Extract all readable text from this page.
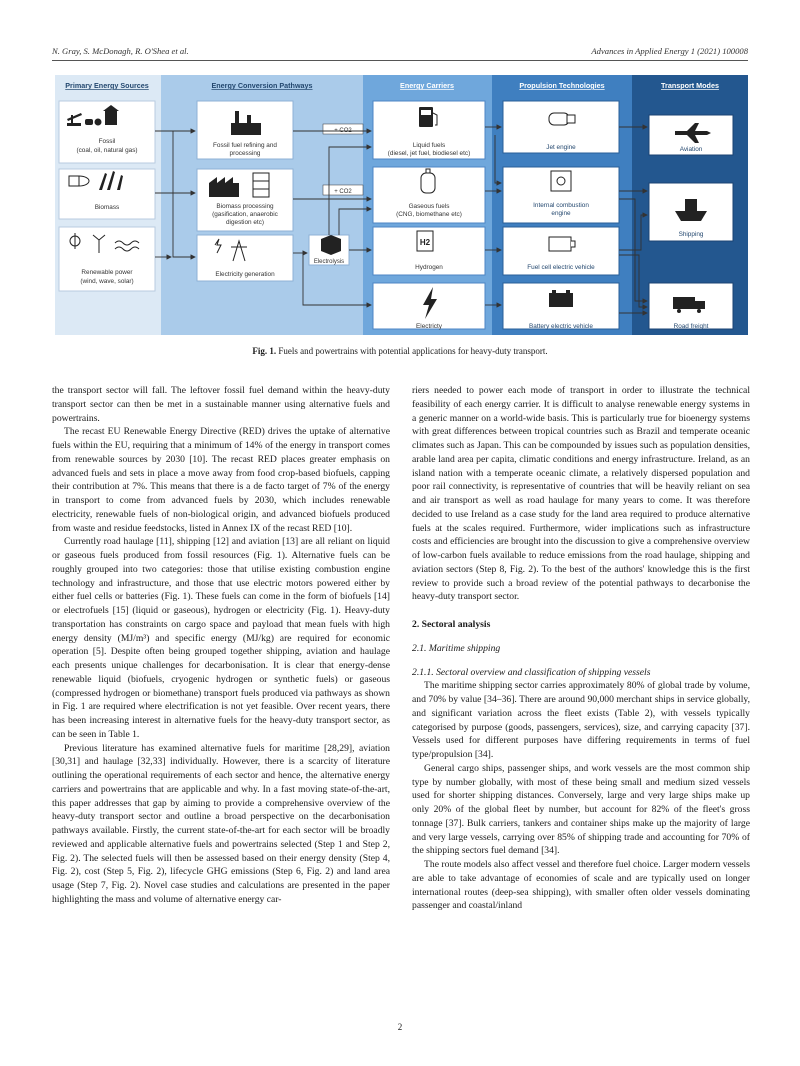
N. Gray, S. McDonagh, R. O'Shea et al.	Advances in Applied Energy 1 (2021) 100008
Primary Energy Sources	Energy Conversion Pathways	Energy Carriers	Propulsion Technologies	Transport Modes
Fossil
(coal, oil, natural gas)
Biomass
Renewable power
(wind, wave, solar)
Fossil fuel refining and
processing
Biomass processing
(gasification, anaerobic
digestion etc)
Electricity generation
Electrolysis
+ CO2
+ CO2
Liquid fuels
(diesel, jet fuel, biodiesel etc)
Gaseous fuels
(CNG, biomethane etc)
H2
Hydrogen
Electricty
Jet engine
Internal combustion
engine
Fuel cell electric vehicle
Battery electric vehicle
Aviation
Shipping
Road freight
Fig. 1. Fuels and powertrains with potential applications for heavy-duty transport.

the transport sector will fall. The leftover fossil fuel demand within the heavy-duty transport sector can then be met in a sustainable manner using alternative fuels and powertrains.

The recast EU Renewable Energy Directive (RED) drives the uptake of alternative fuels within the EU, requiring that a minimum of 14% of the energy in transport comes from renewable sources by 2030 [10]. The recast RED places greater emphasis on advanced fuels and sets in place a move away from food crop-based biofuels, capping their contribution at 7%. This means that there is a de facto target of 7% of the energy in transport to come from advanced fuels by 2030, which includes renewable electricity, renewable fuels of non-biological origin, and advanced biofuels produced from waste and residue feedstocks, listed in Annex IX of the recast RED [10].

Currently road haulage [11], shipping [12] and aviation [13] are all reliant on liquid or gaseous fuels produced from fossil resources (Fig. 1). Alternative fuels can be roughly grouped into two categories: those that utilise existing combustion engine technology and infrastructure, and those that use electric motors powered either by either fuel cells or batteries (Fig. 1). These fuels can come in the form of biofuels [14] or electrofuels [15] (liquid or gaseous), hydrogen or electricity (Fig. 1). Heavy-duty transportation has constraints on cargo space and payload that mean fuels with high energy density (MJ/m³) and specific energy (MJ/kg) are required for economic operation [5]. Despite often being grouped together shipping, aviation and haulage each presents unique challenges for decarbonisation. It is clear that energy-dense renewable liquid (biofuels, cryogenic hydrogen or synthetic fuels) or gaseous (compressed hydrogen or biomethane) transport fuels produced via pathways as shown in Fig. 1 are required where electrification is not yet feasible. Over recent years, there has been increasing interest in alternative fuels for the heavy-duty transport sector, as can be seen in Table 1.

Previous literature has examined alternative fuels for maritime [28,29], aviation [30,31] and haulage [32,33] individually. However, there is a scarcity of literature outlining the operational requirements of each sector and hence, the alternative energy carriers and powertrains that are applicable and why. In a fast moving state-of-the-art, this paper addresses that gap by aiming to provide a comprehensive overview of the heavy-duty transport sector and outline a broad perspective on the decarbonisation pathways available. Firstly, the current state-of-the-art for each sector will be broadly reviewed and applicable alternative fuels and powertrains selected (Step 1 and Step 2, Fig. 2). The selected fuels will then be assessed based on their energy density (Step 4, Fig. 2), cost (Step 5, Fig. 2), lifecycle GHG emissions (Step 6, Fig. 2) and land area usage (Step 7, Fig. 2). Novel case studies and calculations are presented in the paper highlighting the mass and volume of alternative energy car-

riers needed to power each mode of transport in order to illustrate the technical feasibility of each energy carrier. It is difficult to analyse renewable energy systems in a generic manner on a world-wide basis. This is particularly true for bioenergy systems with great differences between tropical countries such as Brazil and temperate oceanic climates such as Japan. This can be compounded by issues such as population densities, arable land area per capita, climatic conditions and energy infrastructure. Ireland, as an island nation with a temperate oceanic climate, a relatively dispersed population and poor rail connectivity, is representative of countries that will be heavily reliant on sea and air transport as well as road haulage for many years to come. It was therefore decided to use Ireland as a case study for the land area required to produce alternative fuels at the scales required. Furthermore, wider implications such as infrastructure costs and efficiencies are brought into the discussion to give a comprehensive overview of low-carbon fuels available to reduce emissions from the road haulage, shipping and aviation sectors (Step 8, Fig. 2). To the best of the authors' knowledge this is the first review to provide such a broad review of the potential pathways to decarbonise the heavy-duty transport sector.

2. Sectoral analysis

2.1. Maritime shipping

2.1.1. Sectoral overview and classification of shipping vessels

The maritime shipping sector carries approximately 80% of global trade by volume, and 70% by value [34–36]. There are around 90,000 merchant ships in service globally, and significant variation across the fleet exists (Table 2), with vessels typically categorised by purpose (goods, passengers, services), size, and carrying capacity [37]. Vessels used for different purposes have differing requirements in terms of fuel type/propulsion [34].

General cargo ships, passenger ships, and work vessels are the most common ship type by number globally, with most of these being small and medium sized vessels used for shorter shipping distances. Conversely, large and very large ships make up only 20% of the global fleet by number, but account for 82% of the fleet's gross tonnage [37]. Bulk carriers, tankers and container ships make up the majority of large and very large vessels, carrying over 85% of shipping trade and accounting for 70% of the shipping sectors fuel demand [34].

The route models also affect vessel and therefore fuel choice. Larger modern vessels are able to take advantage of economies of scale and are typically used on longer international routes (deep-sea shipping), with smaller often older vessels dominating passenger and coastal/inland

2
